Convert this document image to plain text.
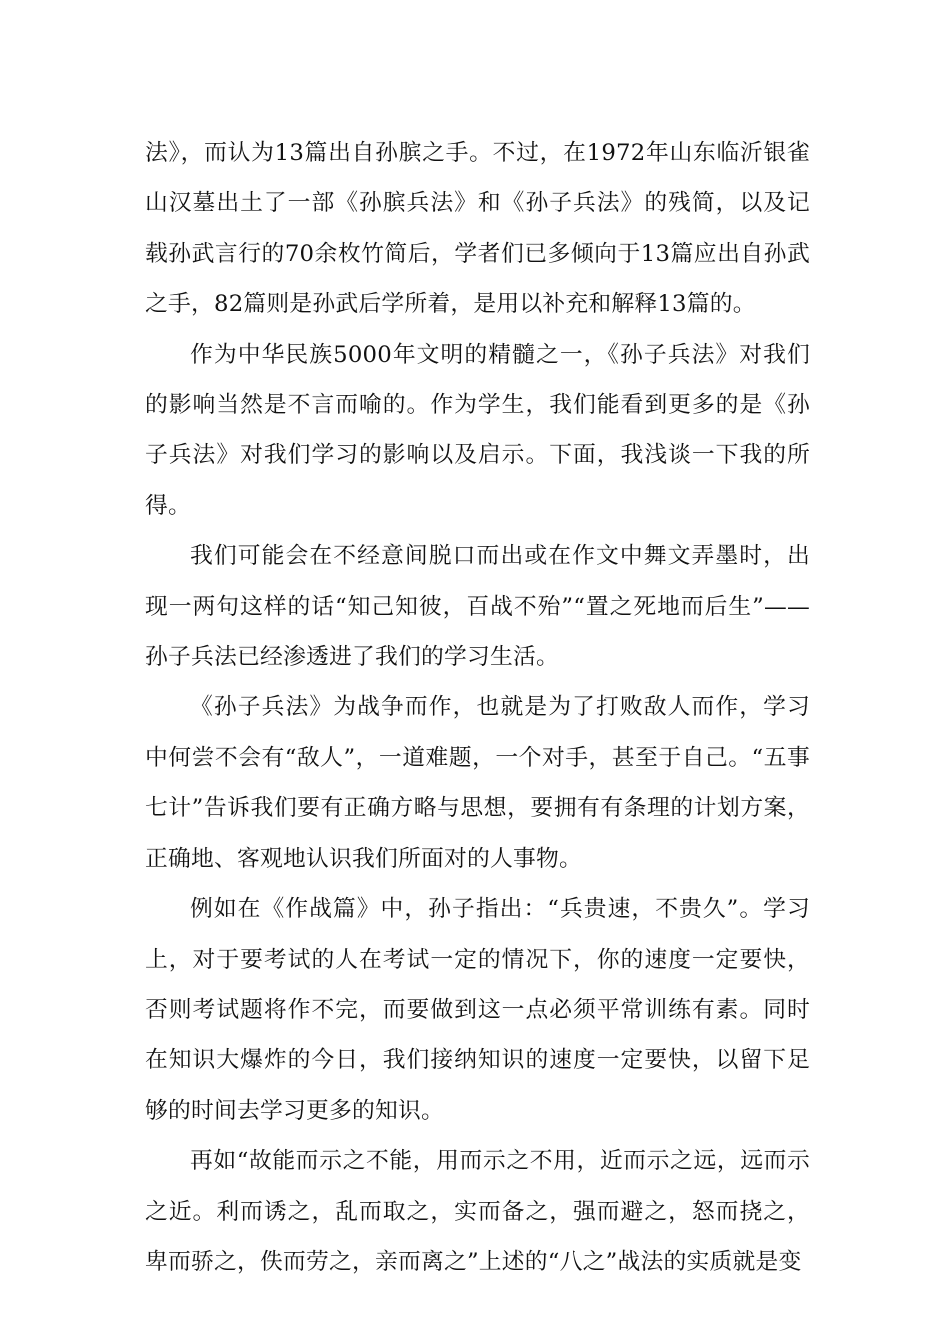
法》，而认为13篇出自孙膑之手。不过，在1972年山东临沂银雀山汉墓出土了一部《孙膑兵法》和《孙子兵法》的残简，以及记载孙武言行的70余枚竹简后，学者们已多倾向于13篇应出自孙武之手，82篇则是孙武后学所着，是用以补充和解释13篇的。

作为中华民族5000年文明的精髓之一，《孙子兵法》对我们的影响当然是不言而喻的。作为学生，我们能看到更多的是《孙子兵法》对我们学习的影响以及启示。下面，我浅谈一下我的所得。

我们可能会在不经意间脱口而出或在作文中舞文弄墨时，出现一两句这样的话“知己知彼，百战不殆”“置之死地而后生”——孙子兵法已经渗透进了我们的学习生活。

《孙子兵法》为战争而作，也就是为了打败敌人而作，学习中何尝不会有“敌人”，一道难题，一个对手，甚至于自己。“五事七计”告诉我们要有正确方略与思想，要拥有有条理的计划方案，正确地、客观地认识我们所面对的人事物。

例如在《作战篇》中，孙子指出：“兵贵速，不贵久”。学习上，对于要考试的人在考试一定的情况下，你的速度一定要快，否则考试题将作不完，而要做到这一点必须平常训练有素。同时在知识大爆炸的今日，我们接纳知识的速度一定要快，以留下足够的时间去学习更多的知识。

再如“故能而示之不能，用而示之不用，近而示之远，远而示之近。利而诱之，乱而取之，实而备之，强而避之，怒而挠之，卑而骄之，佚而劳之，亲而离之”上述的“八之”战法的实质就是变
